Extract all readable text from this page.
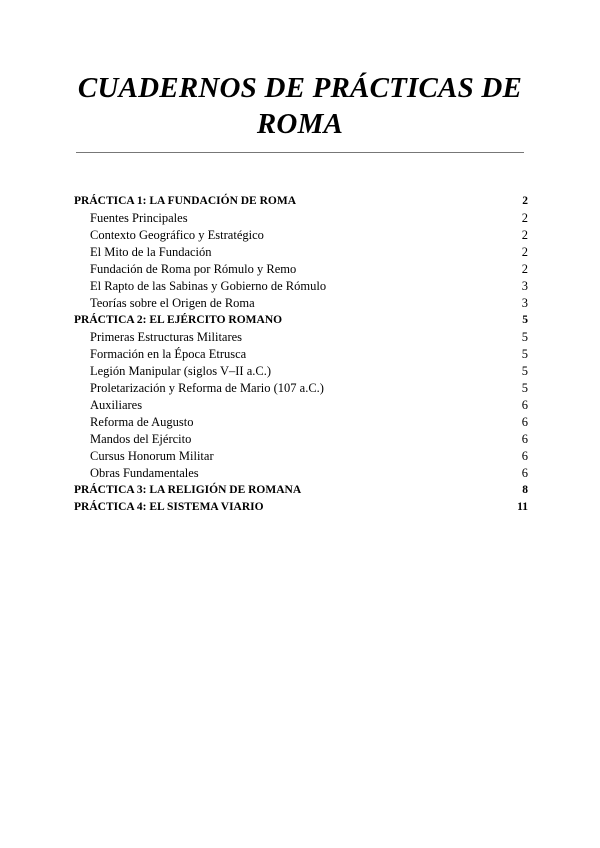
CUADERNOS DE PRÁCTICAS DE ROMA
PRÁCTICA 1: LA FUNDACIÓN DE ROMA	2
Fuentes Principales	2
Contexto Geográfico y Estratégico	2
El Mito de la Fundación	2
Fundación de Roma por Rómulo y Remo	2
El Rapto de las Sabinas y Gobierno de Rómulo	3
Teorías sobre el Origen de Roma	3
PRÁCTICA 2: EL EJÉRCITO ROMANO	5
Primeras Estructuras Militares	5
Formación en la Época Etrusca	5
Legión Manipular (siglos V–II a.C.)	5
Proletarización y Reforma de Mario (107 a.C.)	5
Auxiliares	6
Reforma de Augusto	6
Mandos del Ejército	6
Cursus Honorum Militar	6
Obras Fundamentales	6
PRÁCTICA 3: LA RELIGIÓN DE ROMANA	8
PRÁCTICA 4: EL SISTEMA VIARIO	11
